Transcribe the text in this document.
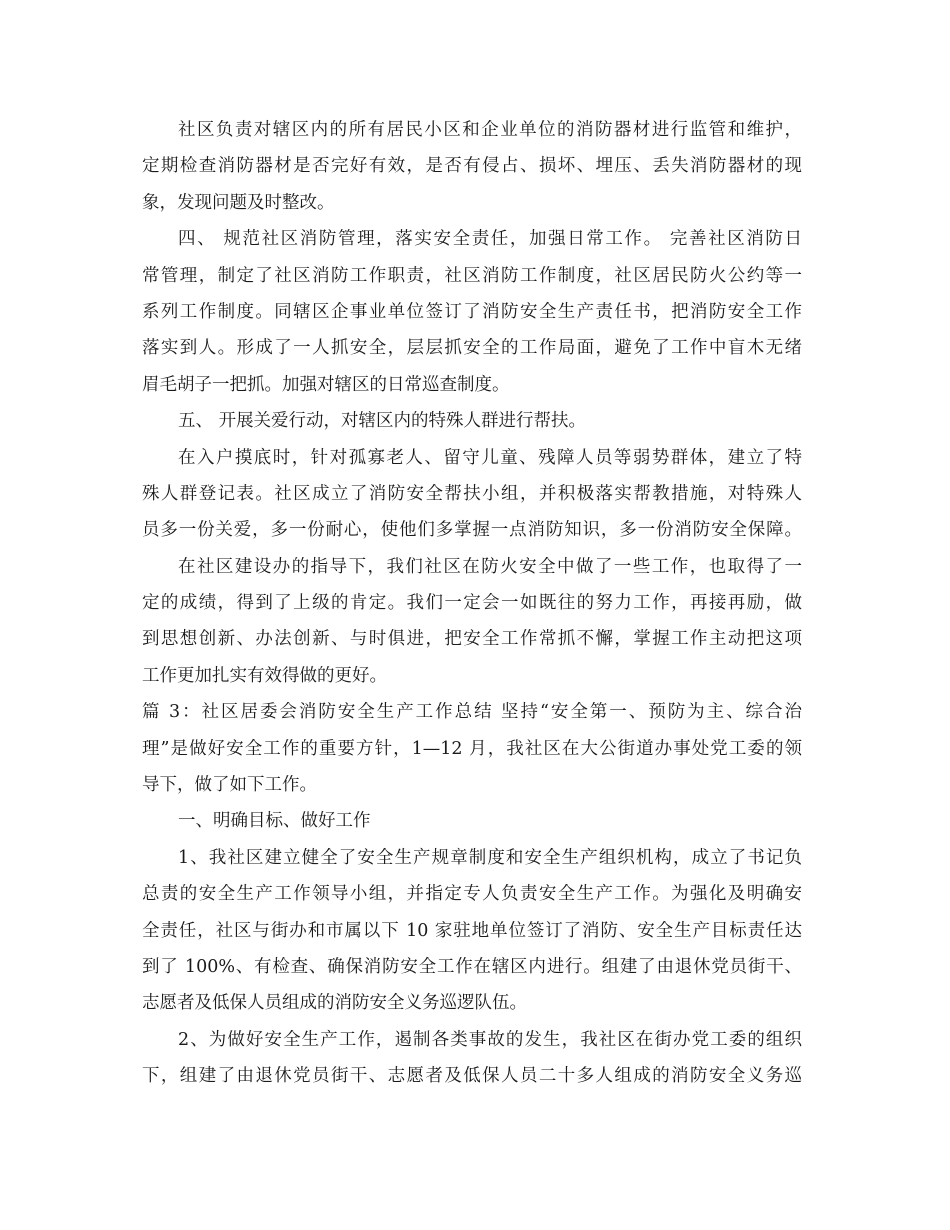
社区负责对辖区内的所有居民小区和企业单位的消防器材进行监管和维护，
定期检查消防器材是否完好有效，是否有侵占、损坏、埋压、丢失消防器材的现
象，发现问题及时整改。
四、 规范社区消防管理，落实安全责任，加强日常工作。 完善社区消防日
常管理，制定了社区消防工作职责，社区消防工作制度，社区居民防火公约等一
系列工作制度。同辖区企事业单位签订了消防安全生产责任书，把消防安全工作
落实到人。形成了一人抓安全，层层抓安全的工作局面，避免了工作中盲木无绪
眉毛胡子一把抓。加强对辖区的日常巡查制度。
五、 开展关爱行动，对辖区内的特殊人群进行帮扶。
在入户摸底时，针对孤寡老人、留守儿童、残障人员等弱势群体，建立了特
殊人群登记表。社区成立了消防安全帮扶小组，并积极落实帮教措施，对特殊人
员多一份关爱，多一份耐心，使他们多掌握一点消防知识，多一份消防安全保障。
在社区建设办的指导下，我们社区在防火安全中做了一些工作，也取得了一
定的成绩，得到了上级的肯定。我们一定会一如既往的努力工作，再接再励，做
到思想创新、办法创新、与时俱进，把安全工作常抓不懈，掌握工作主动把这项
工作更加扎实有效得做的更好。
篇 3：社区居委会消防安全生产工作总结 坚持“安全第一、预防为主、综合治
理”是做好安全工作的重要方针，1—12 月，我社区在大公街道办事处党工委的领
导下，做了如下工作。
一、明确目标、做好工作
1、我社区建立健全了安全生产规章制度和安全生产组织机构，成立了书记负
总责的安全生产工作领导小组，并指定专人负责安全生产工作。为强化及明确安
全责任，社区与街办和市属以下 10 家驻地单位签订了消防、安全生产目标责任达
到了 100%、有检查、确保消防安全工作在辖区内进行。组建了由退休党员街干、
志愿者及低保人员组成的消防安全义务巡逻队伍。
2、为做好安全生产工作，遏制各类事故的发生，我社区在街办党工委的组织
下，组建了由退休党员街干、志愿者及低保人员二十多人组成的消防安全义务巡
